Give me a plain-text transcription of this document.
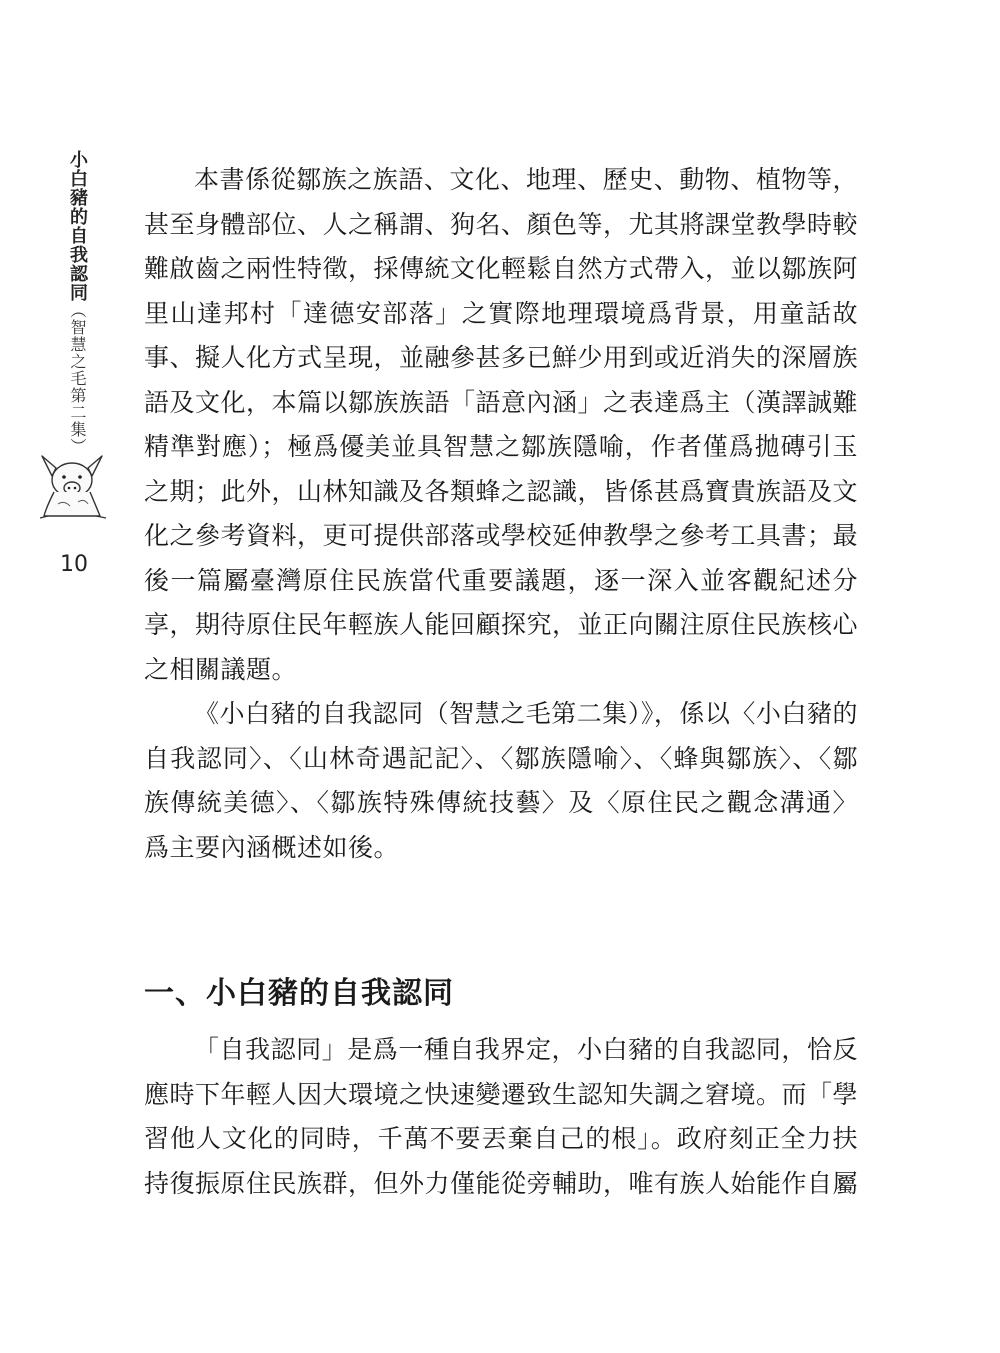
小白豬的自我認同（智慧之毛第二集）
10

本書係從鄒族之族語、文化、地理、歷史、動物、植物等，甚至身體部位、人之稱謂、狗名、顏色等，尤其將課堂教學時較難啟齒之兩性特徵，採傳統文化輕鬆自然方式帶入，並以鄒族阿里山達邦村「達德安部落」之實際地理環境爲背景，用童話故事、擬人化方式呈現，並融參甚多已鮮少用到或近消失的深層族語及文化，本篇以鄒族族語「語意內涵」之表達爲主（漢譯誠難精準對應）；極爲優美並具智慧之鄒族隱喻，作者僅爲拋磚引玉之期；此外，山林知識及各類蜂之認識，皆係甚爲寶貴族語及文化之參考資料，更可提供部落或學校延伸教學之參考工具書；最後一篇屬臺灣原住民族當代重要議題，逐一深入並客觀紀述分享，期待原住民年輕族人能回顧探究，並正向關注原住民族核心之相關議題。

《小白豬的自我認同（智慧之毛第二集）》，係以〈小白豬的自我認同〉、〈山林奇遇記記〉、〈鄒族隱喻〉、〈蜂與鄒族〉、〈鄒族傳統美德〉、〈鄒族特殊傳統技藝〉及〈原住民之觀念溝通〉爲主要內涵概述如後。

一、小白豬的自我認同

「自我認同」是爲一種自我界定，小白豬的自我認同，恰反應時下年輕人因大環境之快速變遷致生認知失調之窘境。而「學習他人文化的同時，千萬不要丟棄自己的根」。政府刻正全力扶持復振原住民族群，但外力僅能從旁輔助，唯有族人始能作自屬
